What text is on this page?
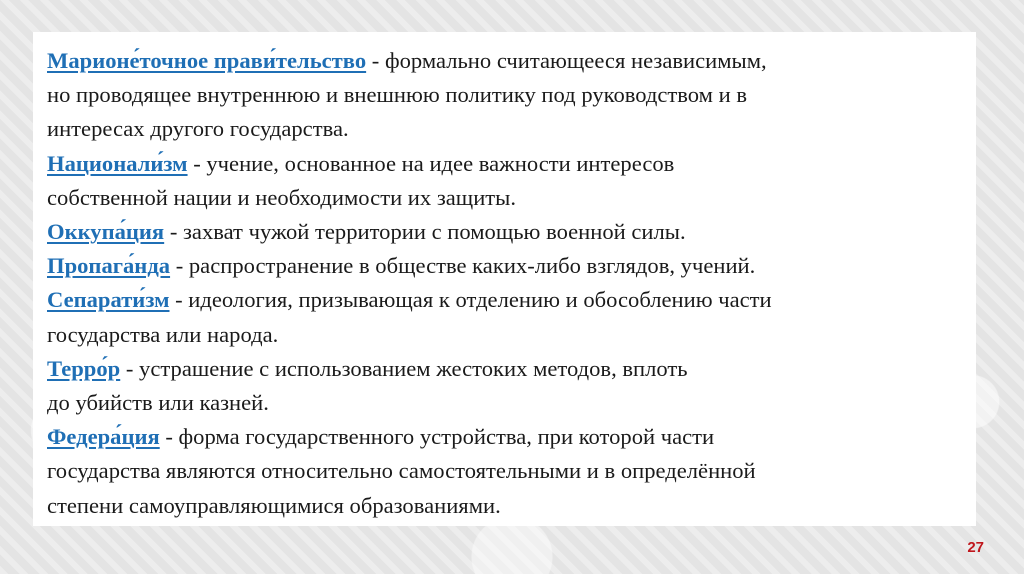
Марионе́точное прави́тельство - формально считающееся независимым,
но проводящее внутреннюю и внешнюю политику под руководством и в
интересах другого государства.

Национали́зм - учение, основанное на идее важности интересов
собственной нации и необходимости их защиты.

Оккупа́ция - захват чужой территории с помощью военной силы.

Пропага́нда - распространение в обществе каких-либо взглядов, учений.

Сепарати́зм - идеология, призывающая к отделению и обособлению части
государства или народа.

Терро́р - устрашение с использованием жестоких методов, вплоть
до убийств или казней.

Федера́ция - форма государственного устройства, при которой части
государства являются относительно самостоятельными и в определённой
степени самоуправляющимися образованиями.

27
